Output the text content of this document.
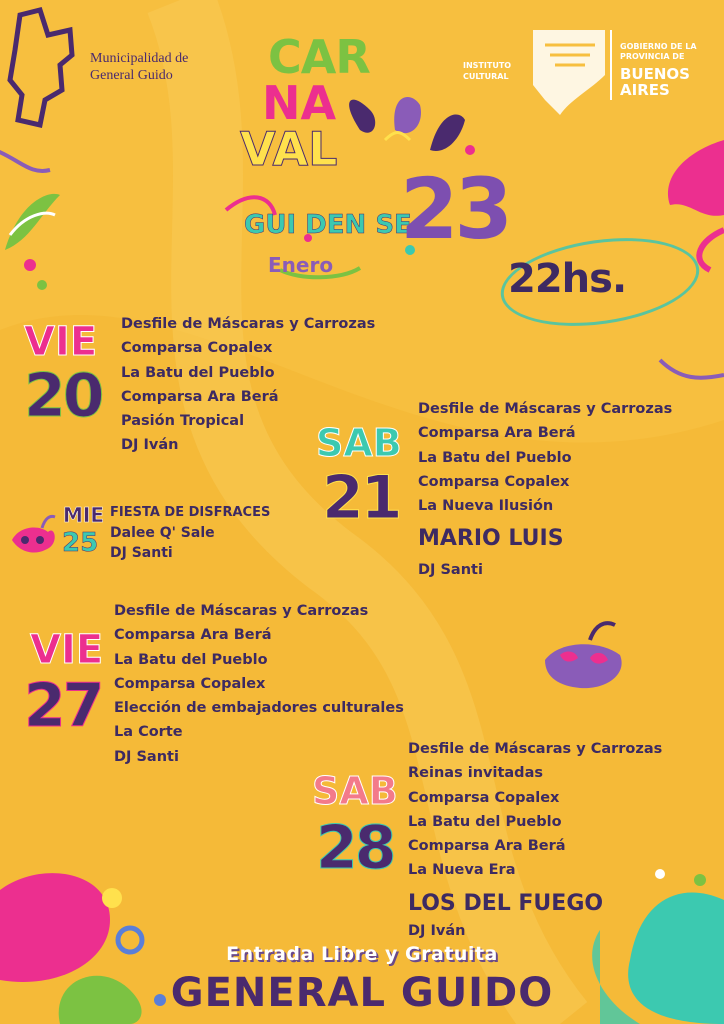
Municipalidad de
General Guido
INSTITUTO
CULTURAL
GOBIERNO DE LA
PROVINCIA DE
BUENOS
AIRES
CAR
NA
VAL
GUI DEN SE
23
Enero	22hs.
VIE
20
Desfile de Máscaras y Carrozas
Comparsa Copalex
La Batu del Pueblo
Comparsa Ara Berá
Pasión Tropical
DJ Iván	SAB
21
Desfile de Máscaras y Carrozas
Comparsa Ara Berá
La Batu del Pueblo
Comparsa Copalex
La Nueva Ilusión
MARIO LUIS
DJ Santi
MIE
25
FIESTA DE DISFRACES
Dalee Q' Sale
DJ Santi
VIE
27
Desfile de Máscaras y Carrozas
Comparsa Ara Berá
La Batu del Pueblo
Comparsa Copalex
Elección de embajadores culturales
La Corte
DJ Santi
SAB
28
Desfile de Máscaras y Carrozas
Reinas invitadas
Comparsa Copalex
La Batu del Pueblo
Comparsa Ara Berá
La Nueva Era
LOS DEL FUEGO
DJ Iván
Entrada Libre y Gratuita
GENERAL GUIDO
